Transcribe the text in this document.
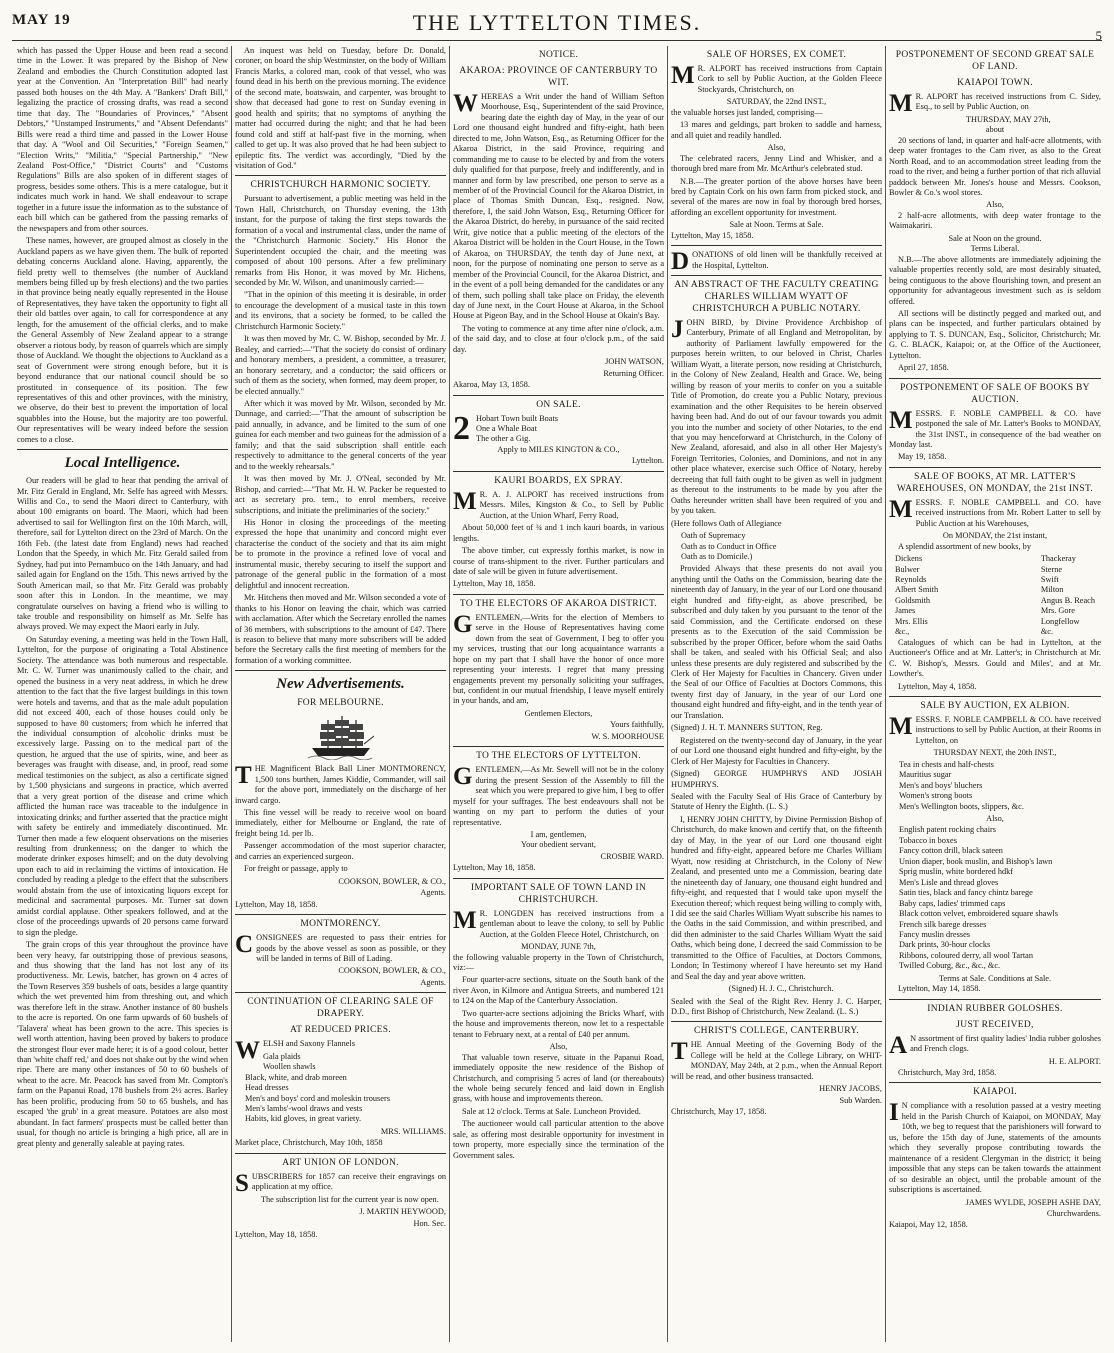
MAY 19	THE LYTTELTON TIMES.
5

which has passed the Upper House and been read a second time in the Lower. It was prepared by the Bishop of New Zealand and embodies the Church Constitution adopted last year at the Convention. An "Interpretation Bill" had nearly passed both houses on the 4th May. A "Bankers' Draft Bill," legalizing the practice of crossing drafts, was read a second time that day. The "Boundaries of Provinces," "Absent Debtors," "Unstamped Instruments," and "Absent Defendants" Bills were read a third time and passed in the Lower House that day. A "Wool and Oil Securities," "Foreign Seamen," "Election Writs," "Militia," "Special Partnership," "New Zealand Post-Office," "District Courts" and "Customs Regulations" Bills are also spoken of in different stages of progress, besides some others. This is a mere catalogue, but it indicates much work in hand. We shall endeavour to scrape together in a future issue the information as to the substance of each bill which can be gathered from the passing remarks of the newspapers and from other sources.

These names, however, are grouped almost as closely in the Auckland papers as we have given them. The bulk of reported debating concerns Auckland alone. Having, apparently, the field pretty well to themselves (the number of Auckland members being filled up by fresh elections) and the two parties in that province being neatly equally represented in the House of Representatives, they have taken the opportunity to fight all their old battles over again, to call for correspondence at any length, for the amusement of the official clerks, and to make the General Assembly of New Zealand appear to a strange observer a riotous body, by reason of quarrels which are simply those of Auckland. We thought the objections to Auckland as a seat of Government were strong enough before, but it is beyond endurance that our national council should be so prostituted in consequence of its position. The few representatives of this and other provinces, with the ministry, we observe, do their best to prevent the importation of local squabbles into the House, but the majority are too powerful. Our representatives will be weary indeed before the session comes to a close.

Local Intelligence.

Our readers will be glad to hear that pending the arrival of Mr. Fitz Gerald in England, Mr. Selfe has agreed with Messrs. Willis and Co., to send the Maori direct to Canterbury, with about 100 emigrants on board. The Maori, which had been advertised to sail for Wellington first on the 10th March, will, therefore, sail for Lyttelton direct on the 23rd of March. On the 16th Feb. (the latest date from England) news had reached London that the Speedy, in which Mr. Fitz Gerald sailed from Sydney, had put into Pernambuco on the 14th January, and had sailed again for England on the 15th. This news arrived by the South American mail, so that Mr. Fitz Gerald was probably soon after this in London. In the meantime, we may congratulate ourselves on having a friend who is willing to take trouble and responsibility on himself as Mr. Selfe has always proved. We may expect the Maori early in July.

On Saturday evening, a meeting was held in the Town Hall, Lyttelton, for the purpose of originating a Total Abstinence Society. The attendance was both numerous and respectable. Mr. C. W. Turner was unanimously called to the chair, and opened the business in a very neat address, in which he drew attention to the fact that the five largest buildings in this town were hotels and taverns, and that as the male adult population did not exceed 400, each of those houses could only be supposed to have 80 customers; from which he inferred that the individual consumption of alcoholic drinks must be excessively large. Passing on to the medical part of the question, he argued that the use of spirits, wine, and beer as beverages was fraught with disease, and, in proof, read some medical testimonies on the subject, as also a certificate signed by 1,500 physicians and surgeons in practice, which averred that a very great portion of the disease and crime which afflicted the human race was traceable to the indulgence in intoxicating drinks; and further asserted that the practice might with safety be entirely and immediately discontinued. Mr. Turner then made a few eloquent observations on the miseries resulting from drunkenness; on the danger to which the moderate drinker exposes himself; and on the duty devolving upon each to aid in reclaiming the victims of intoxication. He concluded by reading a pledge to the effect that the subscribers would abstain from the use of intoxicating liquors except for medicinal and sacramental purposes. Mr. Turner sat down amidst cordial applause. Other speakers followed, and at the close of the proceedings upwards of 20 persons came forward to sign the pledge.

The grain crops of this year throughout the province have been very heavy, far outstripping those of previous seasons, and thus showing that the land has not lost any of its productiveness. Mr. Lewis, batcher, has grown on 4 acres of the Town Reserves 359 bushels of oats, besides a large quantity which the wet prevented him from threshing out, and which was therefore left in the straw. Another instance of 80 bushels to the acre is reported. On one farm upwards of 60 bushels of 'Talavera' wheat has been grown to the acre. This species is well worth attention, having been proved by bakers to produce the strongest flour ever made here; it is of a good colour, better than 'white chaff red,' and does not shake out by the wind when ripe. There are many other instances of 50 to 60 bushels of wheat to the acre. Mr. Peacock has saved from Mr. Compton's farm on the Papanui Road, 178 bushels from 2½ acres. Barley has been prolific, producing from 50 to 65 bushels, and has escaped 'the grub' in a great measure. Potatoes are also most abundant. In fact farmers' prospects must be called better than usual, for though no article is bringing a high price, all are in great plenty and generally saleable at paying rates.

An inquest was held on Tuesday, before Dr. Donald, coroner, on board the ship Westminster, on the body of William Francis Marks, a colored man, cook of that vessel, who was found dead in his berth on the previous morning. The evidence of the second mate, boatswain, and carpenter, was brought to show that deceased had gone to rest on Sunday evening in good health and spirits; that no symptoms of anything the matter had occurred during the night; and that he had been found cold and stiff at half-past five in the morning, when called to get up. It was also proved that he had been subject to epileptic fits. The verdict was accordingly, "Died by the visitation of God."

CHRISTCHURCH HARMONIC SOCIETY.

Pursuant to advertisement, a public meeting was held in the Town Hall, Christchurch, on Thursday evening, the 13th instant, for the purpose of taking the first steps towards the formation of a vocal and instrumental class, under the name of the "Christchurch Harmonic Society." His Honor the Superintendent occupied the chair, and the meeting was composed of about 100 persons. After a few preliminary remarks from His Honor, it was moved by Mr. Hichens, seconded by Mr. W. Wilson, and unanimously carried:—

"That in the opinion of this meeting it is desirable, in order to encourage the development of a musical taste in this town and its environs, that a society be formed, to be called the Christchurch Harmonic Society."

It was then moved by Mr. C. W. Bishop, seconded by Mr. J. Bealey, and carried:—"That the society do consist of ordinary and honorary members, a president, a committee, a treasurer, an honorary secretary, and a conductor; the said officers or such of them as the society, when formed, may deem proper, to be elected annually."

After which it was moved by Mr. Wilson, seconded by Mr. Dunnage, and carried:—"That the amount of subscription be paid annually, in advance, and be limited to the sum of one guinea for each member and two guineas for the admission of a family; and that the said subscription shall entitle each respectively to admittance to the general concerts of the year and to the weekly rehearsals."

It was then moved by Mr. J. O'Neal, seconded by Mr. Bishop, and carried:—"That Mr. H. W. Packer be requested to act as secretary pro. tem., to enrol members, receive subscriptions, and initiate the preliminaries of the society."

His Honor in closing the proceedings of the meeting expressed the hope that unanimity and concord might ever characterise the conduct of the society and that its aim might be to promote in the province a refined love of vocal and instrumental music, thereby securing to itself the support and patronage of the general public in the formation of a most delightful and innocent recreation.

Mr. Hitchens then moved and Mr. Wilson seconded a vote of thanks to his Honor on leaving the chair, which was carried with acclamation. After which the Secretary enrolled the names of 36 members, with subscriptions to the amount of £47. There is reason to believe that many more subscribers will be added before the Secretary calls the first meeting of members for the formation of a working committee.

New Advertisements.
FOR MELBOURNE.

THE Magnificent Black Ball Liner MONTMORENCY, 1,500 tons burthen, James Kiddie, Commander, will sail for the above port, immediately on the discharge of her inward cargo.

This fine vessel will be ready to receive wool on board immediately, either for Melbourne or England, the rate of freight being 1d. per lb.

Passenger accommodation of the most superior character, and carries an experienced surgeon.

For freight or passage, apply to

COOKSON, BOWLER, & CO.,
Agents.

Lyttelton, May 18, 1858.

MONTMORENCY.

CONSIGNEES are requested to pass their entries for goods by the above vessel as soon as possible, or they will be landed in terms of Bill of Lading.

COOKSON, BOWLER, & CO.,
Agents.
CONTINUATION OF CLEARING SALE OF DRAPERY.
AT REDUCED PRICES.

WELSH and Saxony Flannels

Gala plaids
Woollen shawls
Black, white, and drab moreen
Head dresses
Men's and boys' cord and moleskin trousers
Men's lambs'-wool draws and vests
Habits, kid gloves, in great variety.
MRS. WILLIAMS.

Market place, Christchurch, May 10th, 1858

ART UNION OF LONDON.

SUBSCRIBERS for 1857 can receive their engravings on application at my office.

The subscription list for the current year is now open.

J. MARTIN HEYWOOD,
Hon. Sec.

Lyttelton, May 18, 1858.

NOTICE.
AKAROA: PROVINCE OF CANTERBURY TO WIT.

WHEREAS a Writ under the hand of William Sefton Moorhouse, Esq., Superintendent of the said Province, bearing date the eighth day of May, in the year of our Lord one thousand eight hundred and fifty-eight, hath been directed to me, John Watson, Esq., as Returning Officer for the Akaroa District, in the said Province, requiring and commanding me to cause to be elected by and from the voters duly qualified for that purpose, freely and indifferently, and in manner and form by law prescribed, one person to serve as a member of of the Provincial Council for the Akaroa District, in place of Thomas Smith Duncan, Esq., resigned. Now, therefore, I, the said John Watson, Esq., Returning Officer for the Akaroa District, do hereby, in pursuance of the said recited Writ, give notice that a public meeting of the electors of the Akaroa District will be holden in the Court House, in the Town of Akaroa, on THURSDAY, the tenth day of June next, at noon, for the purpose of nominating one person to serve as a member of the Provincial Council, for the Akaroa District, and in the event of a poll being demanded for the candidates or any of them, such polling shall take place on Friday, the eleventh day of June next, in the Court House at Akaroa, in the School House at Pigeon Bay, and in the School House at Okain's Bay.

The voting to commence at any time after nine o'clock, a.m. of the said day, and to close at four o'clock p.m., of the said day.

JOHN WATSON,
Returning Officer.

Akaroa, May 13, 1858.

ON SALE.
2 Hobart Town built Boats
One a Whale Boat
The other a Gig.
Apply to MILES KINGTON & CO.,
Lyttelton.
KAURI BOARDS, EX SPRAY.

M R. A. J. ALPORT has received instructions from Messrs. Miles, Kingston & Co., to Sell by Public Auction, at the Union Wharf, Ferry Road,

About 50,000 feet of ¾ and 1 inch kauri boards, in various lengths.

The above timber, cut expressly forthis market, is now in course of trans-shipment to the river. Further particulars and date of sale will be given in future advertisement.

Lyttelton, May 18, 1858.

TO THE ELECTORS OF AKAROA DISTRICT.

GENTLEMEN,—Writs for the election of Members to serve in the House of Representatives having come down from the seat of Government, I beg to offer you my services, trusting that our long acquaintance warrants a hope on my part that I shall have the honor of once more representing your interests. I regret that many pressing engagements prevent my personally soliciting your suffrages, but, confident in our mutual friendship, I leave myself entirely in your hands, and am,

Gentlemen Electors,
Yours faithfully,
W. S. MOORHOUSE
TO THE ELECTORS OF LYTTELTON.

GENTLEMEN,—As Mr. Sewell will not be in the colony during the present Session of the Assembly to fill the seat which you were prepared to give him, I beg to offer myself for your suffrages. The best endeavours shall not be wanting on my part to perform the duties of your representative.

I am, gentlemen,
Your obedient servant,
CROSBIE WARD.

Lyttelton, May 18, 1858.

IMPORTANT SALE OF TOWN LAND IN CHRISTCHURCH.

M R. LONGDEN has received instructions from a gentleman about to leave the colony, to sell by Public Auction, at the Golden Fleece Hotel, Christchurch, on

MONDAY, JUNE 7th,

the following valuable property in the Town of Christchurch, viz:—

Four quarter-acre sections, situate on the South bank of the river Avon, in Kilmore and Antigua Streets, and numbered 121 to 124 on the Map of the Canterbury Association.

Two quarter-acre sections adjoining the Bricks Wharf, with the house and improvements thereon, now let to a respectable tenant to February next, at a rental of £40 per annum.

Also,

That valuable town reserve, situate in the Papanui Road, immediately opposite the new residence of the Bishop of Christchurch, and comprising 5 acres of land (or thereabouts) the whole being securely fenced and laid down in English grass, with house and improvements thereon.

Sale at 12 o'clock. Terms at Sale. Luncheon Provided.

The auctioneer would call particular attention to the above sale, as offering most desirable opportunity for investment in town property, more especially since the termination of the Government sales.

SALE OF HORSES, EX COMET.

M R. ALPORT has received instructions from Captain Cork to sell by Public Auction, at the Golden Fleece Stockyards, Christchurch, on

SATURDAY, the 22nd INST.,

the valuable horses just landed, comprising—

13 mares and geldings, part broken to saddle and harness, and all quiet and readily handled.

Also,

The celebrated racers, Jenny Lind and Whisker, and a thorough bred mare from Mr. McArthur's celebrated stud.

N.B.—The greater portion of the above horses have been bred by Captain Cork on his own farm from picked stock, and several of the mares are now in foal by thorough bred horses, affording an excellent opportunity for investment.

Sale at Noon. Terms at Sale.

Lyttelton, May 15, 1858.

DONATIONS of old linen will be thankfully received at the Hospital, Lyttelton.

AN ABSTRACT OF THE FACULTY CREATING CHARLES WILLIAM WYATT OF CHRISTCHURCH A PUBLIC NOTARY.

JOHN BIRD, by Divine Providence Archbishop of Canterbury, Primate of all England and Metropolitan, by authority of Parliament lawfully empowered for the purposes herein written, to our beloved in Christ, Charles William Wyatt, a literate person, now residing at Christchurch, in the Colony of New Zealand, Health and Grace. We, being willing by reason of your merits to confer on you a suitable Title of Promotion, do create you a Public Notary, previous examination and the other Requisites to be herein observed having been had. And do out of our favour towards you admit you into the number and society of other Notaries, to the end that you may henceforward at Christchurch, in the Colony of New Zealand, aforesaid, and also in all other Her Majesty's Foreign Territories, Colonies, and Dominions, and not in any other place whatever, exercise such Office of Notary, hereby decreeing that full faith ought to be given as well in judgment as thereout to the instruments to be made by you after the Oaths hereunder written shall have been required of you and by you taken.

(Here follows Oath of Allegiance

Oath of Supremacy
Oath as to Conduct in Office
Oath as to Domicile.)

Provided Always that these presents do not avail you anything until the Oaths on the Commission, bearing date the nineteenth day of January, in the year of our Lord one thousand eight hundred and fifty-eight, as above prescribed, be subscribed and duly taken by you pursuant to the tenor of the said Commission, and the Certificate endorsed on these presents as to the Execution of the said Commission be subscribed by the proper Officer, before whom the said Oaths shall be taken, and sealed with his Official Seal; and also unless these presents are duly registered and subscribed by the Clerk of Her Majesty for Faculties in Chancery. Given under the Seal of our Office of Faculties at Doctors Commons, this twenty first day of January, in the year of our Lord one thousand eight hundred and fifty-eight, and in the tenth year of our Translation.

(Signed) J. H. T. MANNERS SUTTON, Reg.

Registered on the twenty-second day of January, in the year of our Lord one thousand eight hundred and fifty-eight, by the Clerk of Her Majesty for Faculties in Chancery.

(Signed) GEORGE HUMPHRYS AND JOSIAH HUMPHRYS.

Sealed with the Faculty Seal of His Grace of Canterbury by Statute of Henry the Eighth. (L. S.)

I, HENRY JOHN CHITTY, by Divine Permission Bishop of Christchurch, do make known and certify that, on the fifteenth day of May, in the year of our Lord one thousand eight hundred and fifty-eight, appeared before me Charles William Wyatt, now residing at Christchurch, in the Colony of New Zealand, and presented unto me a Commission, bearing date the nineteenth day of January, one thousand eight hundred and fifty-eight, and requested that I would take upon myself the Execution thereof; which request being willing to comply with, I did see the said Charles William Wyatt subscribe his names to the Oaths in the said Commission, and within prescribed, and did then administer to the said Charles William Wyatt the said Oaths, which being done, I decreed the said Commission to be transmitted to the Office of Faculties, at Doctors Commons, London; In Testimony whereof I have hereunto set my Hand and Seal the day and year above written.

(Signed) H. J. C., Christchurch.

Sealed with the Seal of the Right Rev. Henry J. C. Harper, D.D., first Bishop of Christchurch, New Zealand. (L. S.)

CHRIST'S COLLEGE, CANTERBURY.

THE Annual Meeting of the Governing Body of the College will be held at the College Library, on WHIT-MONDAY, May 24th, at 2 p.m., when the Annual Report will be read, and other business transacted.

HENRY JACOBS,
Sub Warden.

Christchurch, May 17, 1858.

POSTPONEMENT OF SECOND GREAT SALE OF LAND.
KAIAPOI TOWN.

M R. ALPORT has received instructions from C. Sidey, Esq., to sell by Public Auction, on

THURSDAY, MAY 27th,
about

20 sections of land, in quarter and half-acre allotments, with deep water frontages to the Cam river, as also to the Great North Road, and to an accommodation street leading from the road to the river, and being a further portion of that rich alluvial paddock between Mr. Jones's house and Messrs. Cookson, Bowler & Co.'s wool stores.

Also,

2 half-acre allotments, with deep water frontage to the Waimakariri.

Sale at Noon on the ground.
Terms Liberal.

N.B.—The above allotments are immediately adjoining the valuable properties recently sold, are most desirably situated, being contiguous to the above flourishing town, and present an opportunity for advantageous investment such as is seldom offered.

All sections will be distinctly pegged and marked out, and plans can be inspected, and further particulars obtained by applying to T. S. DUNCAN, Esq., Solicitor, Christchurch; Mr. G. C. BLACK, Kaiapoi; or, at the Office of the Auctioneer, Lyttelton.

April 27, 1858.

POSTPONEMENT OF SALE OF BOOKS BY AUCTION.

MESSRS. F. NOBLE CAMPBELL & CO. have postponed the sale of Mr. Latter's Books to MONDAY, the 31st INST., in consequence of the bad weather on Monday last.

May 19, 1858.

SALE OF BOOKS, AT MR. LATTER'S WAREHOUSES, ON MONDAY, the 21st INST.

MESSRS. F. NOBLE CAMPBELL and CO. have received instructions from Mr. Robert Latter to sell by Public Auction at his Warehouses,

On MONDAY, the 21st instant,

A splendid assortment of new books, by

Dickens
Bulwer
Reynolds
Albert Smith
Goldsmith
James
Mrs. Ellis
&c.,
Thackeray
Sterne
Swift
Milton
Angus B. Reach
Mrs. Gore
Longfellow
&c.

Catalogues of which can be had in Lyttelton, at the Auctioneer's Office and at Mr. Latter's; in Christchurch at Mr. C. W. Bishop's, Messrs. Gould and Miles', and at Mr. Lowther's.

Lyttelton, May 4, 1858.

SALE BY AUCTION, EX ALBION.

MESSRS. F. NOBLE CAMPBELL & CO. have received instructions to sell by Public Auction, at their Rooms in Lyttelton, on

THURSDAY NEXT, the 20th INST.,
Tea in chests and half-chests
Mauritius sugar
Men's and boys' bluchers
Women's strong boots
Men's Wellington boots, slippers, &c.
Also,
English patent rocking chairs
Tobacco in boxes
Fancy cotton drill, black sateen
Union diaper, book muslin, and Bishop's lawn
Sprig muslin, white bordered hdkf
Men's Lisle and thread gloves
Satin ties, black and fancy chintz barege
Baby caps, ladies' trimmed caps
Black cotton velvet, embroidered square shawls
French silk barege dresses
Fancy muslin dresses
Dark prints, 30-hour clocks
Ribbons, coloured derry, all wool Tartan
Twilled Coburg, &c., &c., &c.
Terms at Sale. Conditions at Sale.

Lyttelton, May 14, 1858.

INDIAN RUBBER GOLOSHES.
JUST RECEIVED,

A N assortment of first quality ladies' India rubber goloshes and French clogs.

H. E. ALPORT.

Christchurch, May 3rd, 1858.

KAIAPOI.

I N compliance with a resolution passed at a vestry meeting held in the Parish Church of Kaiapoi, on MONDAY, May 10th, we beg to request that the parishioners will forward to us, before the 15th day of June, statements of the amounts which they severally propose contributing towards the maintenance of a resident Clergyman in the district; it being impossible that any steps can be taken towards the attainment of so desirable an object, until the probable amount of the subscriptions is ascertained.

JAMES WYLDE, JOSEPH ASHE DAY,
Churchwardens.

Kaiapoi, May 12, 1858.
